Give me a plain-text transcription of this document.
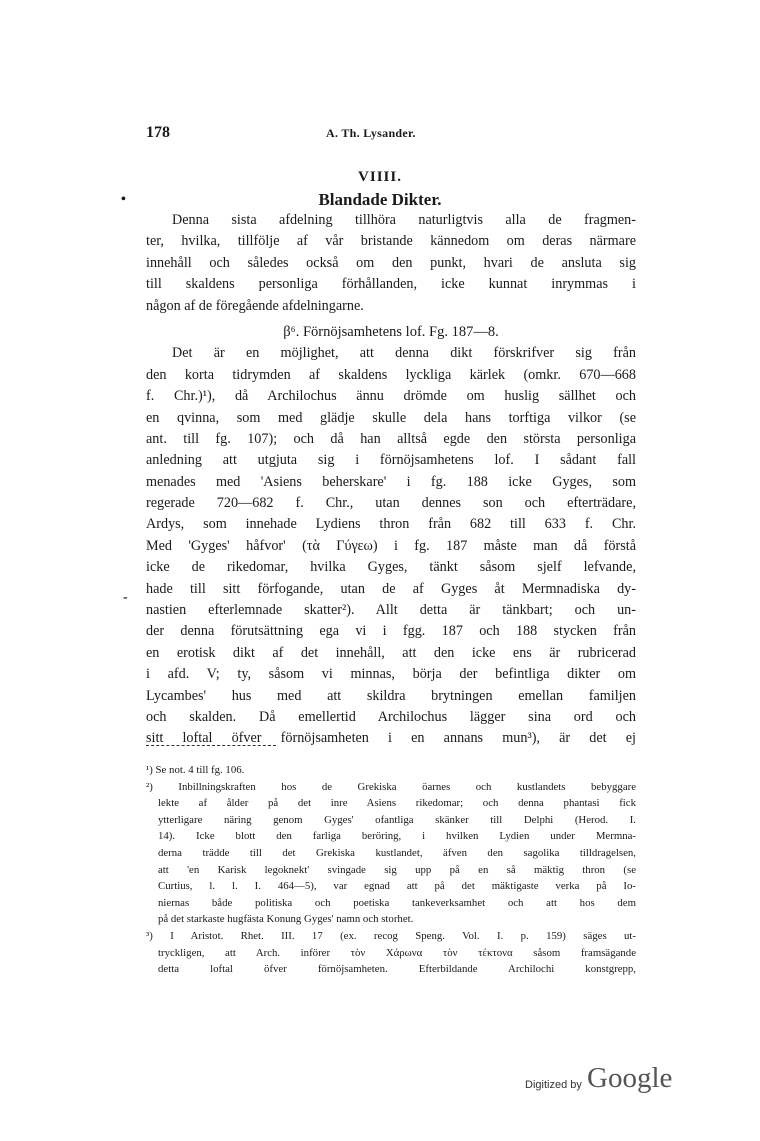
178	A. Th. Lysander.
VIIII.
Blandade Dikter.
•
-
Denna sista afdelning tillhöra naturligtvis alla de fragmen-
ter, hvilka, tillfölje af vår bristande kännedom om deras närmare
innehåll och således också om den punkt, hvari de ansluta sig
till skaldens personliga förhållanden, icke kunnat inrymmas i
någon af de föregående afdelningarne.
β⁶. Förnöjsamhetens lof. Fg. 187—8.
Det är en möjlighet, att denna dikt förskrifver sig från
den korta tidrymden af skaldens lyckliga kärlek (omkr. 670—668
f. Chr.)¹), då Archilochus ännu drömde om huslig sällhet och
en qvinna, som med glädje skulle dela hans torftiga vilkor (se
ant. till fg. 107); och då han alltså egde den största personliga
anledning att utgjuta sig i förnöjsamhetens lof. I sådant fall
menades med 'Asiens beherskare' i fg. 188 icke Gyges, som
regerade 720—682 f. Chr., utan dennes son och efterträdare,
Ardys, som innehade Lydiens thron från 682 till 633 f. Chr.
Med 'Gyges' håfvor' (τὰ Γύγεω) i fg. 187 måste man då förstå
icke de rikedomar, hvilka Gyges, tänkt såsom sjelf lefvande,
hade till sitt förfogande, utan de af Gyges åt Mermnadiska dy-
nastien efterlemnade skatter²). Allt detta är tänkbart; och un-
der denna förutsättning ega vi i fgg. 187 och 188 stycken från
en erotisk dikt af det innehåll, att den icke ens är rubricerad
i afd. V; ty, såsom vi minnas, börja der befintliga dikter om
Lycambes' hus med att skildra brytningen emellan familjen
och skalden. Då emellertid Archilochus lägger sina ord och
sitt loftal öfver förnöjsamheten i en annans mun³), är det ej
¹) Se not. 4 till fg. 106.
²) Inbillningskraften hos de Grekiska öarnes och kustlandets bebyggare
lekte af ålder på det inre Asiens rikedomar; och denna phantasi fick
ytterligare näring genom Gyges' ofantliga skänker till Delphi (Herod. I.
14). Icke blott den farliga beröring, i hvilken Lydien under Mermna-
derna trädde till det Grekiska kustlandet, äfven den sagolika tilldragelsen,
att 'en Karisk legoknekt' svingade sig upp på en så mäktig thron (se
Curtius, l. l. I. 464—5), var egnad att på det mäktigaste verka på Io-
niernas både politiska och poetiska tankeverksamhet och att hos dem
på det starkaste hugfästa Konung Gyges' namn och storhet.
³) I Aristot. Rhet. III. 17 (ex. recog Speng. Vol. I. p. 159) säges ut-
tryckligen, att Arch. införer τὸν Χάρωνα τὸν τέκτονα såsom framsägande
detta loftal öfver förnöjsamheten. Efterbildande Archilochi konstgrepp,
Digitized by Google
